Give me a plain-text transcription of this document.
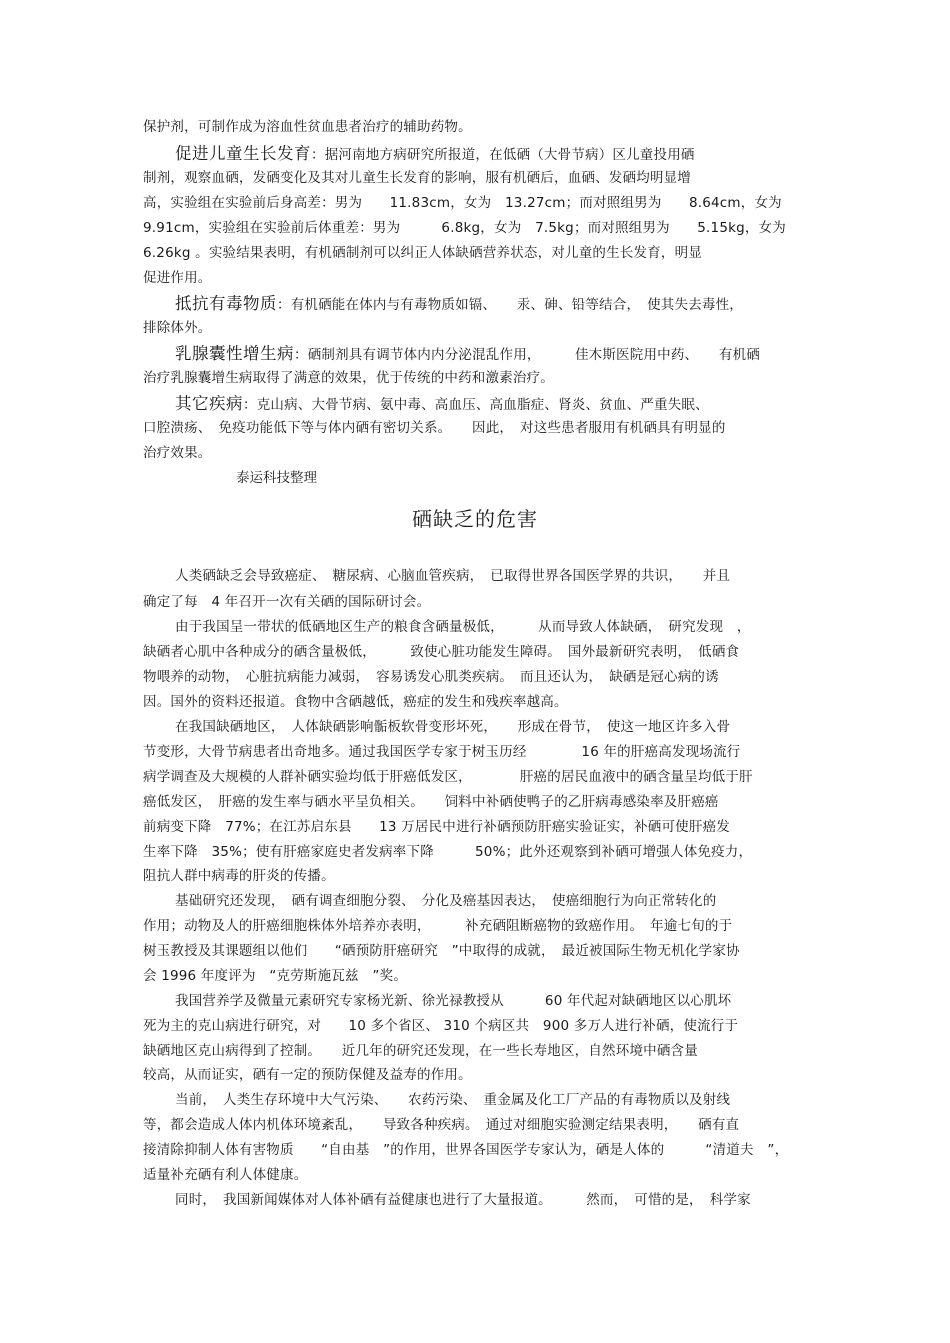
保护剂，可制作成为溶血性贫血患者治疗的辅助药物。
促进儿童生长发育：据河南地方病研究所报道，在低硒（大骨节病）区儿童投用硒
制剂，观察血硒，发硒变化及其对儿童生长发育的影响，服有机硒后，血硒、发硒均明显增
高，实验组在实验前后身高差：男为　　11.83cm，女为　13.27cm；而对照组男为　　8.64cm，女为
9.91cm，实验组在实验前后体重差：男为　　　6.8kg，女为　7.5kg；而对照组男为　　5.15kg，女为
6.26kg 。实验结果表明，有机硒制剂可以纠正人体缺硒营养状态，对儿童的生长发育，明显
促进作用。
抵抗有毒物质：有机硒能在体内与有毒物质如镉、　　汞、砷、铅等结合，　使其失去毒性，
排除体外。
乳腺囊性增生病：硒制剂具有调节体内内分泌混乱作用，　　　佳木斯医院用中药、　　有机硒
治疗乳腺囊增生病取得了满意的效果，优于传统的中药和激素治疗。
其它疾病：克山病、大骨节病、氨中毒、高血压、高血脂症、肾炎、贫血、严重失眠、
口腔溃疡、　免疫功能低下等与体内硒有密切关系。　　因此，　对这些患者服用有机硒具有明显的
治疗效果。
泰运科技整理
硒缺乏的危害
人类硒缺乏会导致癌症、　糖尿病、心脑血管疾病，　已取得世界各国医学界的共识，　　并且
确定了每　4 年召开一次有关硒的国际研讨会。
由于我国呈一带状的低硒地区生产的粮食含硒量极低，　　　从而导致人体缺硒，　研究发现　，
缺硒者心肌中各种成分的硒含量极低，　　　致使心脏功能发生障碍。　国外最新研究表明，　低硒食
物喂养的动物，　心脏抗病能力减弱，　容易诱发心肌类疾病。　而且还认为，　缺硒是冠心病的诱
因。国外的资料还报道。食物中含硒越低，癌症的发生和残疾率越高。
在我国缺硒地区，　人体缺硒影响骺板软骨变形坏死，　　形成在骨节，　使这一地区许多入骨
节变形，大骨节病患者出奇地多。通过我国医学专家于树玉历经　　　　16 年的肝癌高发现场流行
病学调查及大规模的人群补硒实验均低于肝癌低发区，　　　　肝癌的居民血液中的硒含量呈均低于肝
癌低发区，　肝癌的发生率与硒水平呈负相关。　　饲料中补硒使鸭子的乙肝病毒感染率及肝癌癌
前病变下降　77%；在江苏启东县　　13 万居民中进行补硒预防肝癌实验证实，补硒可使肝癌发
生率下降　35%；使有肝癌家庭史者发病率下降　　　50%；此外还观察到补硒可增强人体免疫力，
阻抗人群中病毒的肝炎的传播。
基础研究还发现，　硒有调查细胞分裂、　分化及癌基因表达，　使癌细胞行为向正常转化的
作用；动物及人的肝癌细胞株体外培养亦表明，　　　补充硒阻断癌物的致癌作用。　年逾七旬的于
树玉教授及其课题组以他们　　“硒预防肝癌研究　”中取得的成就，　最近被国际生物无机化学家协
会 1996 年度评为　“克劳斯施瓦兹　”奖。
我国营养学及微量元素研究专家杨光新、徐光禄教授从　　　60 年代起对缺硒地区以心肌坏
死为主的克山病进行研究，对　　10 多个省区、 310 个病区共　900 多万人进行补硒，使流行于
缺硒地区克山病得到了控制。　　近几年的研究还发现，在一些长寿地区，自然环境中硒含量
较高，从而证实，硒有一定的预防保健及益寿的作用。
当前，　人类生存环境中大气污染、　　农药污染、　重金属及化工厂产品的有毒物质以及射线
等，都会造成人体内机体环境紊乱，　　导致各种疾病。　通过对细胞实验测定结果表明，　　硒有直
接清除抑制人体有害物质　　“自由基　”的作用，世界各国医学专家认为，硒是人体的　　　“清道夫　”，
适量补充硒有利人体健康。
同时，　我国新闻媒体对人体补硒有益健康也进行了大量报道。　　　然而，　可惜的是，　科学家
